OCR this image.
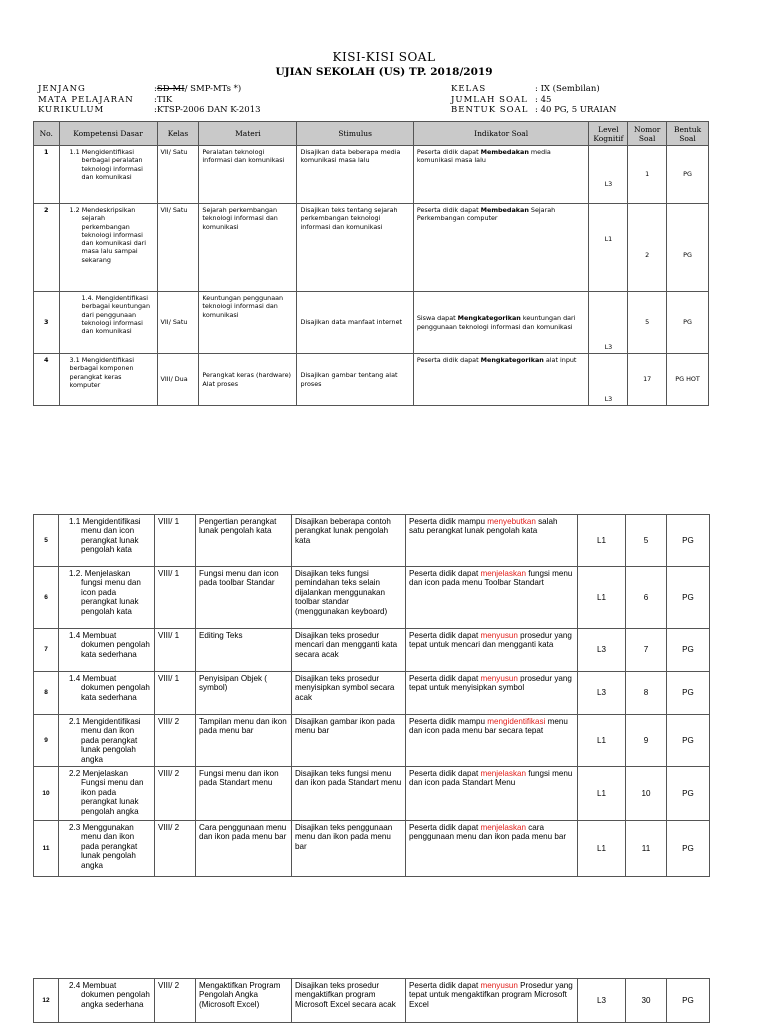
KISI-KISI SOAL
UJIAN SEKOLAH (US) TP. 2018/2019
JENJANG	: SD-MI / SMP-MTs *)
MATA PELAJARAN	: TIK
KURIKULUM	: KTSP-2006 DAN K-2013
KELAS	: IX (Sembilan)
JUMLAH SOAL : 45
BENTUK SOAL : 40 PG, 5 URAIAN
No.	Kompetensi Dasar	Kelas	Materi	Stimulus	Indikator Soal	Level Kognitif	Nomor Soal	Bentuk Soal
1	1.1 Mengidentifikasi berbagai peralatan teknologi informasi dan komunikasi	VII/ Satu	Peralatan teknologi informasi dan komunikasi	Disajikan data beberapa media komunikasi masa lalu	Peserta didik dapat Membedakan media komunikasi masa lalu	L3	1	PG
2	1.2 Mendeskripsikan sejarah perkembangan teknologi informasi dan komunikasi dari masa lalu sampai sekarang	VII/ Satu	Sejarah perkembangan teknologi informasi dan komunikasi	Disajikan teks tentang sejarah perkembangan teknologi informasi dan komunikasi	Peserta didik dapat Membedakan Sejarah Perkembangan computer	L1	2	PG
3	1.4. Mengidentifikasi berbagai keuntungan dari penggunaan teknologi informasi dan komunikasi	VII/ Satu	Keuntungan penggunaan teknologi informasi dan komunikasi	Disajikan data manfaat internet	Siswa dapat Mengkategorikan keuntungan dari penggunaan teknologi informasi dan komunikasi	L3	5	PG
4	3.1 Mengidentifikasi berbagai komponen perangkat keras komputer	VIII/ Dua	Perangkat keras (hardware) Alat proses	Disajikan gambar tentang alat proses	Peserta didik dapat Mengkategorikan alat input	L3	17	PG HOT
5	1.1 Mengidentifikasi menu dan icon perangkat lunak pengolah kata	VIII/ 1	Pengertian perangkat lunak pengolah kata	Disajikan beberapa contoh perangkat lunak pengolah kata	Peserta didik mampu menyebutkan salah satu perangkat lunak pengolah kata	L1	5	PG
6	1.2. Menjelaskan fungsi menu dan icon pada perangkat lunak pengolah kata	VIII/ 1	Fungsi menu dan icon pada toolbar Standar	Disajikan teks fungsi pemindahan teks selain dijalankan menggunakan toolbar standar (menggunakan keyboard)	Peserta didik dapat menjelaskan fungsi menu dan icon pada menu Toolbar Standart	L1	6	PG
7	1.4 Membuat dokumen pengolah kata sederhana	VIII/ 1	Editing Teks	Disajikan teks prosedur mencari dan mengganti kata secara acak	Peserta didik dapat menyusun prosedur yang tepat untuk mencari dan mengganti kata	L3	7	PG
8	1.4 Membuat dokumen pengolah kata sederhana	VIII/ 1	Penyisipan Objek ( symbol)	Disajikan teks prosedur menyisipkan symbol secara acak	Peserta didik dapat menyusun prosedur yang tepat untuk menyisipkan symbol	L3	8	PG
9	2.1 Mengidentifikasi menu dan ikon pada perangkat lunak pengolah angka	VIII/ 2	Tampilan menu dan ikon pada menu bar	Disajikan gambar ikon pada menu bar	Peserta didik mampu mengidentifikasi menu dan icon pada menu bar secara tepat	L1	9	PG
10	2.2 Menjelaskan Fungsi menu dan ikon pada perangkat lunak pengolah angka	VIII/ 2	Fungsi menu dan ikon pada Standart menu	Disajikan teks fungsi menu dan ikon pada Standart menu	Peserta didik dapat menjelaskan fungsi menu dan icon pada Standart Menu	L1	10	PG
11	2.3 Menggunakan menu dan ikon pada perangkat lunak pengolah angka	VIII/ 2	Cara penggunaan menu dan ikon pada menu bar	Disajikan teks penggunaan menu dan ikon pada menu bar	Peserta didik dapat menjelaskan cara penggunaan menu dan ikon pada menu bar	L1	11	PG
12	2.4 Membuat dokumen pengolah angka sederhana	VIII/ 2	Mengaktifkan Program Pengolah Angka (Microsoft Excel)	Disajikan teks prosedur mengaktifkan program Microsoft Excel secara acak	Peserta didik dapat menyusun Prosedur yang tepat untuk mengaktifkan program Microsoft Excel	L3	30	PG
